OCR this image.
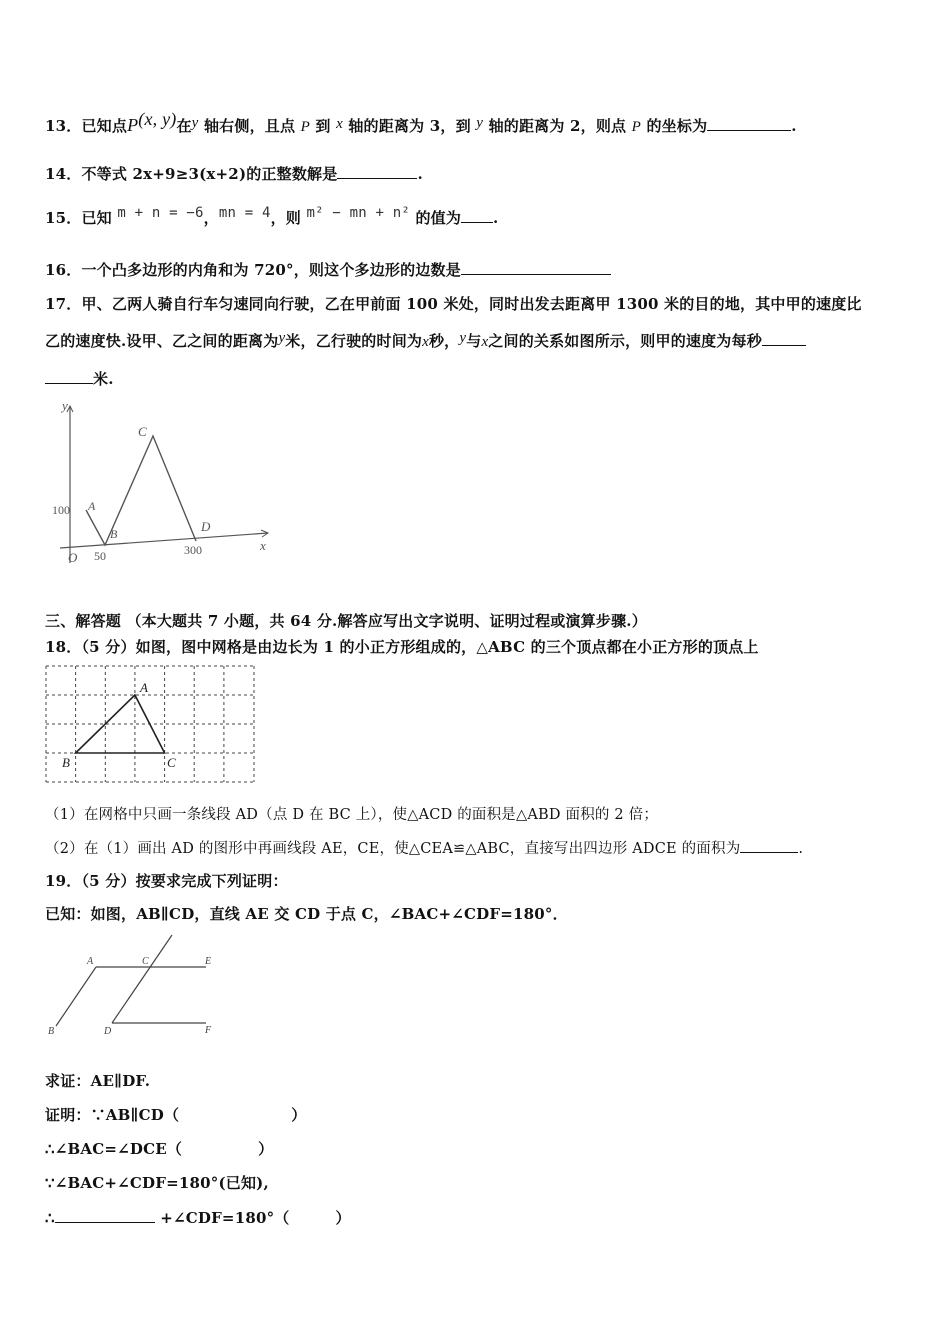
13．已知点P(x, y)在y 轴右侧，且点 P 到 x 轴的距离为 3，到 y 轴的距离为 2，则点 P 的坐标为	.
14．不等式 2x+9≥3(x+2)的正整数解是	.
15．已知 m + n = −6，mn = 4，则 m² − mn + n² 的值为 .
16．一个凸多边形的内角和为 720°，则这个多边形的边数是
17．甲、乙两人骑自行车匀速同向行驶，乙在甲前面 100 米处，同时出发去距离甲 1300 米的目的地，其中甲的速度比
乙的速度快.设甲、乙之间的距离为y米，乙行驶的时间为x秒，y与x之间的关系如图所示，则甲的速度为每秒
米.
y
x
O
A
B
C
D
100
50	300
三、解答题 （本大题共 7 小题，共 64 分.解答应写出文字说明、证明过程或演算步骤.）
18．（5 分）如图，图中网格是由边长为 1 的小正方形组成的，△ABC 的三个顶点都在小正方形的顶点上
A
B	C
（1）在网格中只画一条线段 AD（点 D 在 BC 上），使△ACD 的面积是△ABD 面积的 2 倍；
（2）在（1）画出 AD 的图形中再画线段 AE，CE，使△CEA≌△ABC，直接写出四边形 ADCE 的面积为	.
19．（5 分）按要求完成下列证明：
已知：如图，AB∥CD，直线 AE 交 CD 于点 C，∠BAC+∠CDF=180°．
A
B
C
D
E
F
求证：AE∥DF.
证明：∵AB∥CD（	）
∴∠BAC=∠DCE（	）
∵∠BAC+∠CDF=180°(已知),
∴	+∠CDF=180°（	）
